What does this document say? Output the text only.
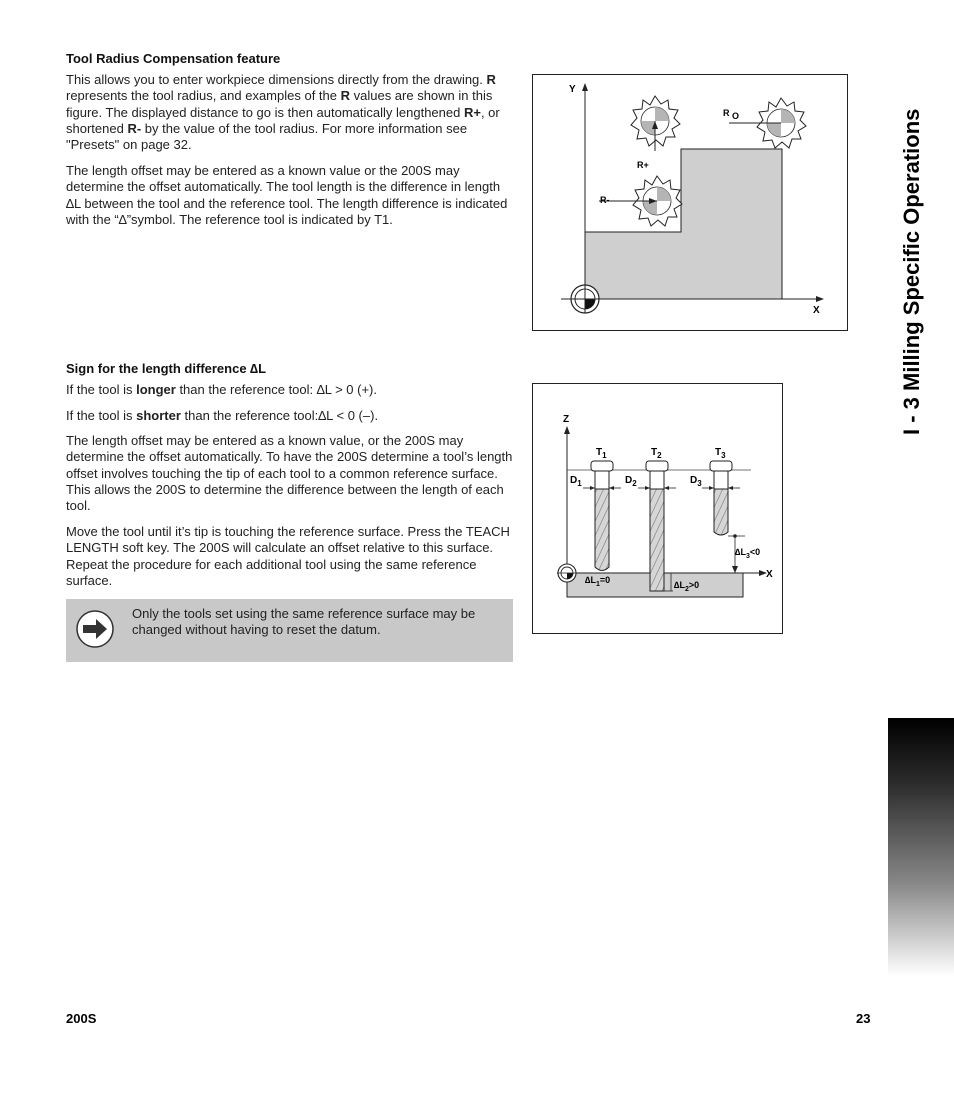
Tool Radius Compensation feature

This allows you to enter workpiece dimensions directly from the drawing. R represents the tool radius, and examples of the R values are shown in this figure. The displayed distance to go is then automatically lengthened R+, or shortened R- by the value of the tool radius. For more information see "Presets" on page 32.

The length offset may be entered as a known value or the 200S may determine the offset automatically. The tool length is the difference in length ∆L between the tool and the reference tool. The length difference is indicated with the “∆”symbol. The reference tool is indicated by T1.

Y
X
R+
R-
R O
Sign for the length difference ∆L

If the tool is longer than the reference tool: ∆L > 0 (+).

If the tool is shorter than the reference tool:∆L < 0 (–).

The length offset may be entered as a known value, or the 200S may determine the offset automatically. To have the 200S determine a tool’s length offset involves touching the tip of each tool to a common reference surface. This allows the 200S to determine the difference between the length of each tool.

Move the tool until it’s tip is touching the reference surface. Press the TEACH LENGTH soft key. The 200S will calculate an offset relative to this surface. Repeat the procedure for each additional tool using the same reference surface.

Only the tools set using the same reference surface may be changed without having to reset the datum.

Z
X
$T_1$	$T_2$	$T_3$
$D_1$	$D_2$	$D_3$
$\Delta L_3<0$
$\Delta L_1=0$	$\Delta L_2>0$
I - 3 Milling Specific Operations
200S	23
